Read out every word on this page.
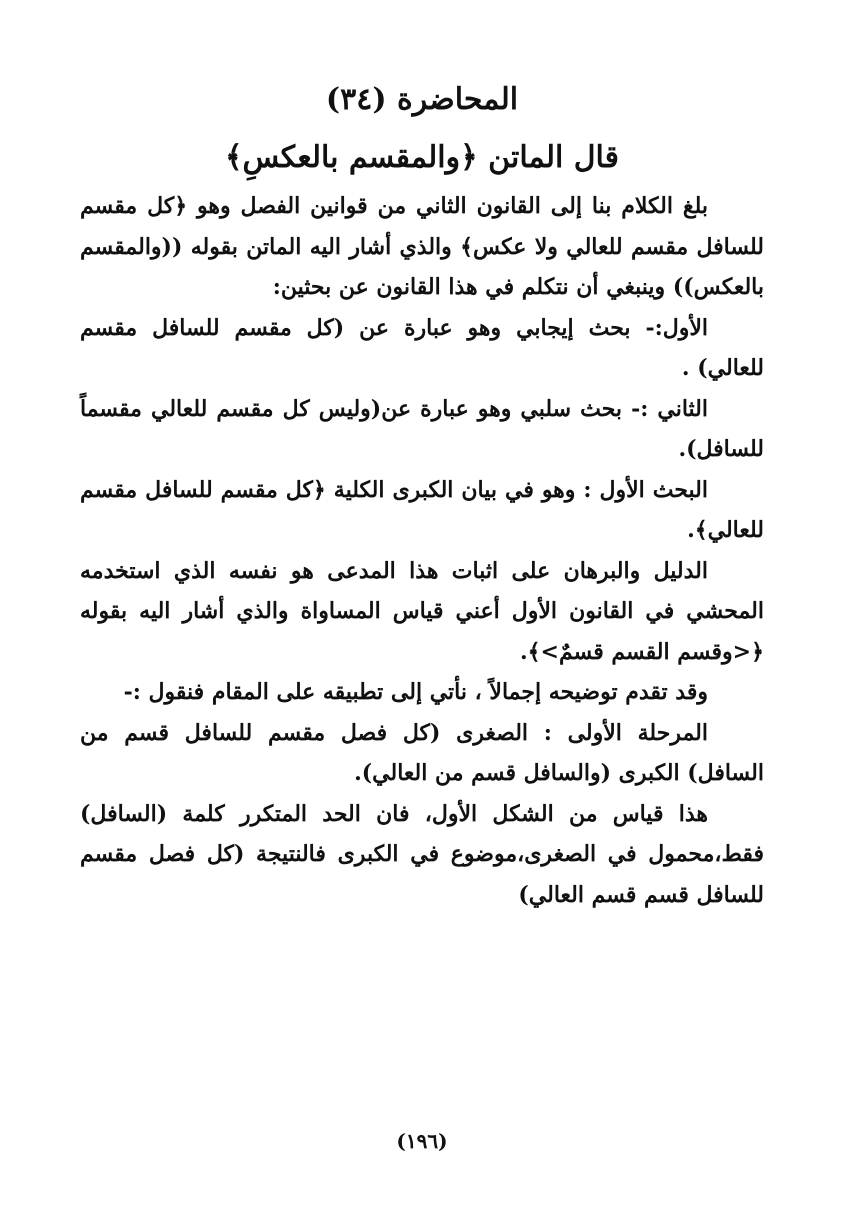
المحاضرة (٣٤)
قال الماتن ﴿والمقسم بالعكسِ﴾

بلغ الكلام بنا إلى القانون الثاني من قوانين الفصل وهو ﴿كل مقسم للسافل مقسم للعالي ولا عكس﴾ والذي أشار اليه الماتن بقوله ((والمقسم بالعكس)) وينبغي أن نتكلم في هذا القانون عن بحثين:

الأول:- بحث إيجابي وهو عبارة عن (كل مقسم للسافل مقسم للعالي) .

الثاني :- بحث سلبي وهو عبارة عن(وليس كل مقسم للعالي مقسماً للسافل).

البحث الأول : وهو في بيان الكبرى الكلية ﴿كل مقسم للسافل مقسم للعالي﴾.

الدليل والبرهان على اثبات هذا المدعى هو نفسه الذي استخدمه المحشي في القانون الأول أعني قياس المساواة والذي أشار اليه بقوله ﴿<وقسم القسم قسمٌ>﴾.

وقد تقدم توضيحه إجمالاً ، نأتي إلى تطبيقه على المقام فنقول :-

المرحلة الأولى : الصغرى (كل فصل مقسم للسافل قسم من السافل) الكبرى (والسافل قسم من العالي).

هذا قياس من الشكل الأول، فان الحد المتكرر كلمة (السافل) فقط،محمول في الصغرى،موضوع في الكبرى فالنتيجة (كل فصل مقسم للسافل قسم قسم العالي)

(١٩٦)
